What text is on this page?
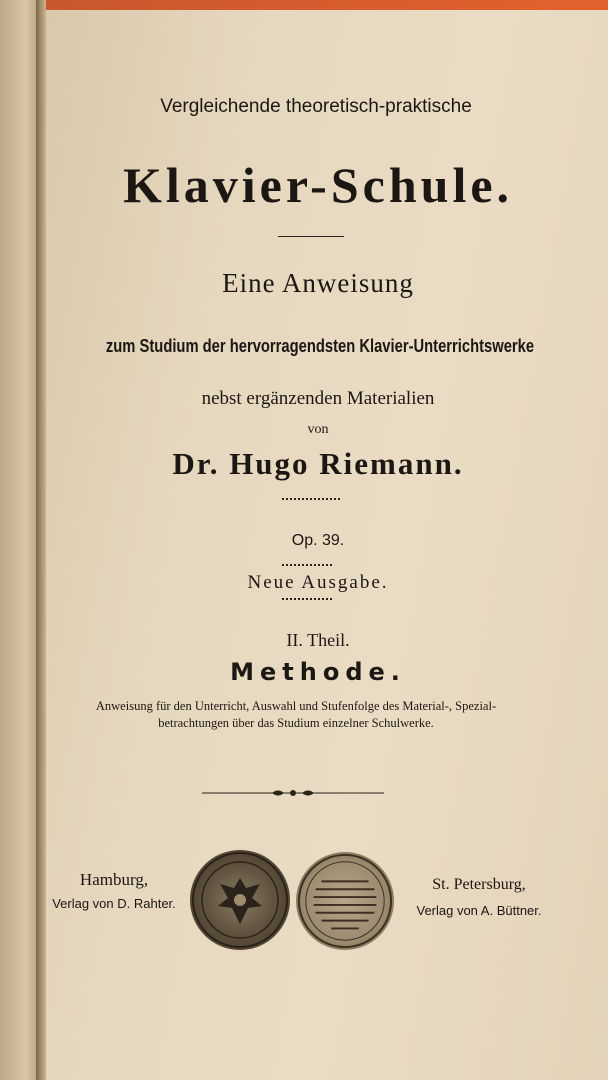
Vergleichende theoretisch-praktische
Klavier-Schule.
Eine Anweisung
zum Studium der hervorragendsten Klavier-Unterrichtswerke
nebst ergänzenden Materialien
von
Dr. Hugo Riemann.
Op. 39.
Neue Ausgabe.
II. Theil.
Methode.
Anweisung für den Unterricht, Auswahl und Stufenfolge des Material-, Spezial-
betrachtungen über das Studium einzelner Schulwerke.
Hamburg,
Verlag von D. Rahter.
St. Petersburg,
Verlag von A. Büttner.
